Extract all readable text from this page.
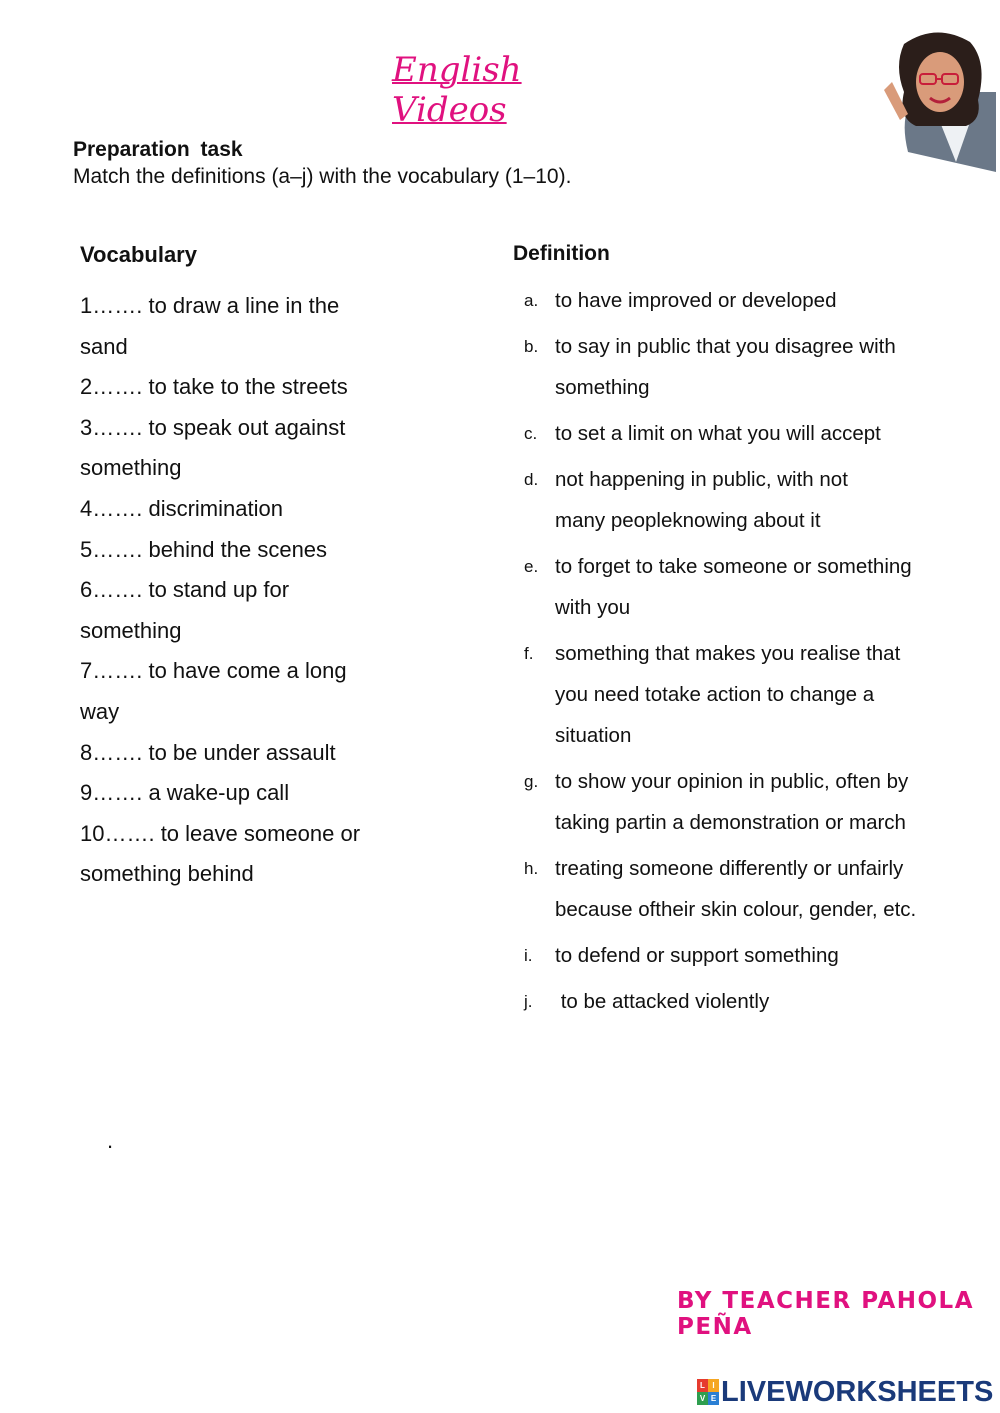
English Videos
Preparation task
Match the definitions (a–j) with the vocabulary (1–10).
Vocabulary
1……. to draw a line in the
sand
2……. to take to the streets
3……. to speak out against
something
4……. discrimination
5……. behind the scenes
6……. to stand up for
something
7……. to have come a long
way
8……. to be under assault
9……. a wake-up call
10……. to leave someone or
something behind
Definition
a. to have improved or developed
b. to say in public that you disagree with
something
c. to set a limit on what you will accept
d. not happening in public, with not
many peopleknowing about it
e. to forget to take someone or something
with you
f. something that makes you realise that
you need totake action to change a
situation
g. to show your opinion in public, often by
taking partin a demonstration or march
h. treating someone differently or unfairly
because oftheir skin colour, gender, etc.
i. to defend or support something
j. to be attacked violently
.
BY TEACHER PAHOLA PEÑA
L I
V E LIVEWORKSHEETS
